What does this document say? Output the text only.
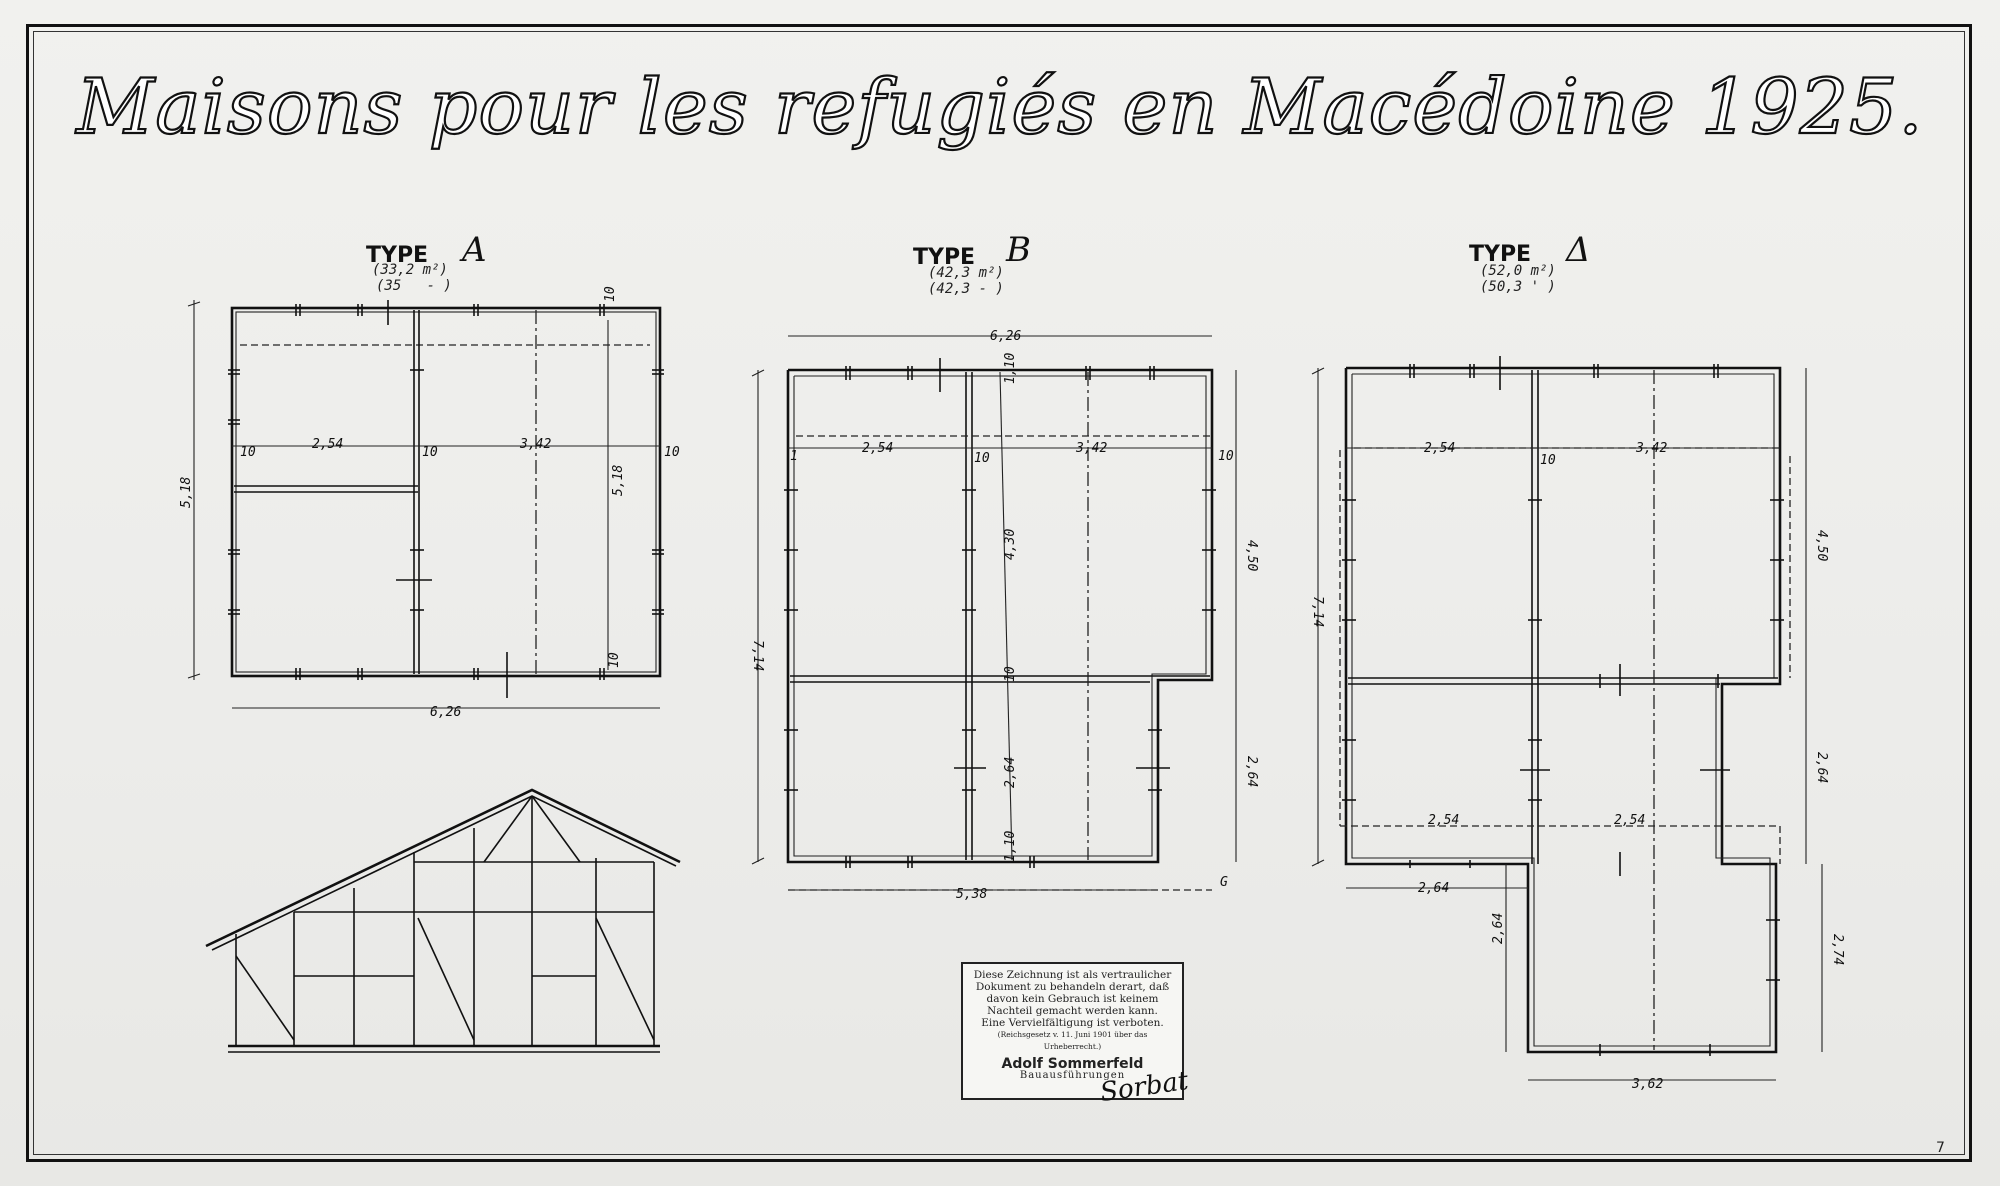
Maisons pour les refugiés en Macédoine 1925.
TYPE A
(33,2 m²)
(35   - )
TYPE B
(42,3 m²)
(42,3 - )
TYPE Δ
(52,0 m²)
(50,3 ' )
2,54	3,42
10	10	10
10
10
5,18	5,18
6,26
6,26
2,54	3,42
1	10	10
1,10
10
1,10
4,30
2,64
4,50
2,64
7,14
5,38
G
2,54	3,42
10
7,14
4,50
2,64
2,54	2,54
2,64
2,64
2,74
3,62
Diese Zeichnung ist als vertraulicher
Dokument zu behandeln derart, daß
davon kein Gebrauch ist keinem
Nachteil gemacht werden kann.
Eine Vervielfältigung ist verboten.
(Reichsgesetz v. 11. Juni 1901 über das Urheberrecht.)
Adolf Sommerfeld
Bauausführungen
Sorbat
7
